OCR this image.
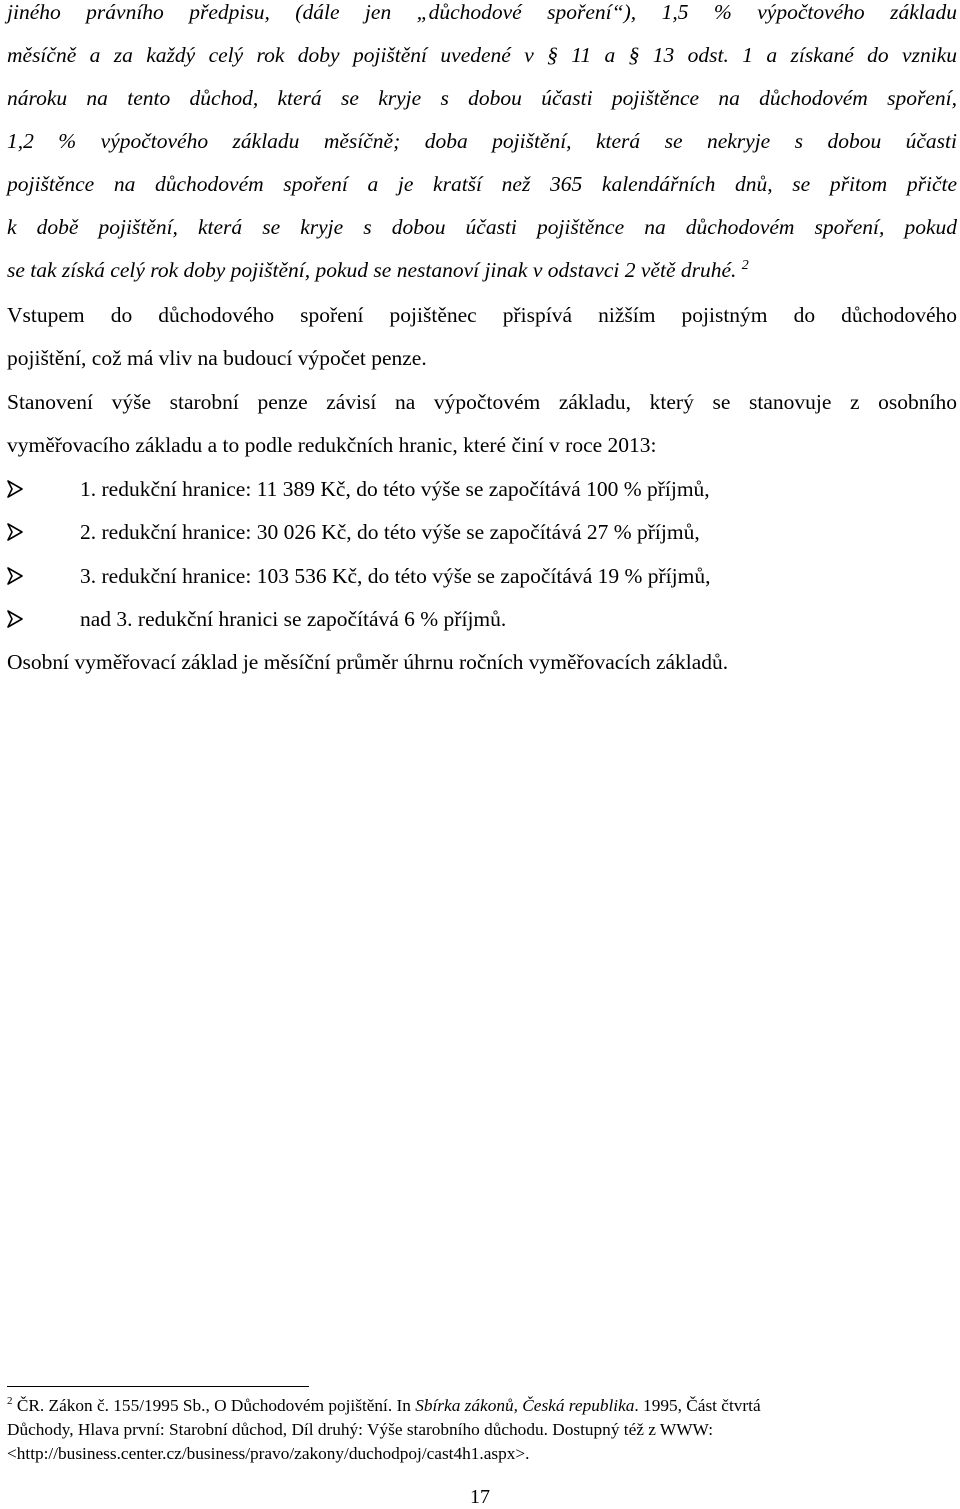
jiného právního předpisu, (dále jen „důchodové spoření“), 1,5 % výpočtového základu
měsíčně a za každý celý rok doby pojištění uvedené v § 11 a § 13 odst. 1 a získané do vzniku
nároku na tento důchod, která se kryje s dobou účasti pojištěnce na důchodovém spoření,
1,2 % výpočtového základu měsíčně; doba pojištění, která se nekryje s dobou účasti
pojištěnce na důchodovém spoření a je kratší než 365 kalendářních dnů, se přitom přičte
k době pojištění, která se kryje s dobou účasti pojištěnce na důchodovém spoření, pokud
se tak získá celý rok doby pojištění, pokud se nestanoví jinak v odstavci 2 větě druhé. $^2$
Vstupem do důchodového spoření pojištěnec přispívá nižším pojistným do důchodového
pojištění, což má vliv na budoucí výpočet penze.
Stanovení výše starobní penze závisí na výpočtovém základu, který se stanovuje z osobního
vyměřovacího základu a to podle redukčních hranic, které činí v roce 2013:
1. redukční hranice: 11 389 Kč, do této výše se započítává 100 % příjmů,
2. redukční hranice: 30 026 Kč, do této výše se započítává 27 % příjmů,
3. redukční hranice: 103 536 Kč, do této výše se započítává 19 % příjmů,
nad 3. redukční hranici se započítává 6 % příjmů.
Osobní vyměřovací základ je měsíční průměr úhrnu ročních vyměřovacích základů.
$^2$ ČR. Zákon č. 155/1995 Sb., O Důchodovém pojištění. In Sbírka zákonů, Česká republika. 1995, Část čtvrtá
Důchody, Hlava první: Starobní důchod, Díl druhý: Výše starobního důchodu. Dostupný též z WWW:
<http://business.center.cz/business/pravo/zakony/duchodpoj/cast4h1.aspx>.
17
